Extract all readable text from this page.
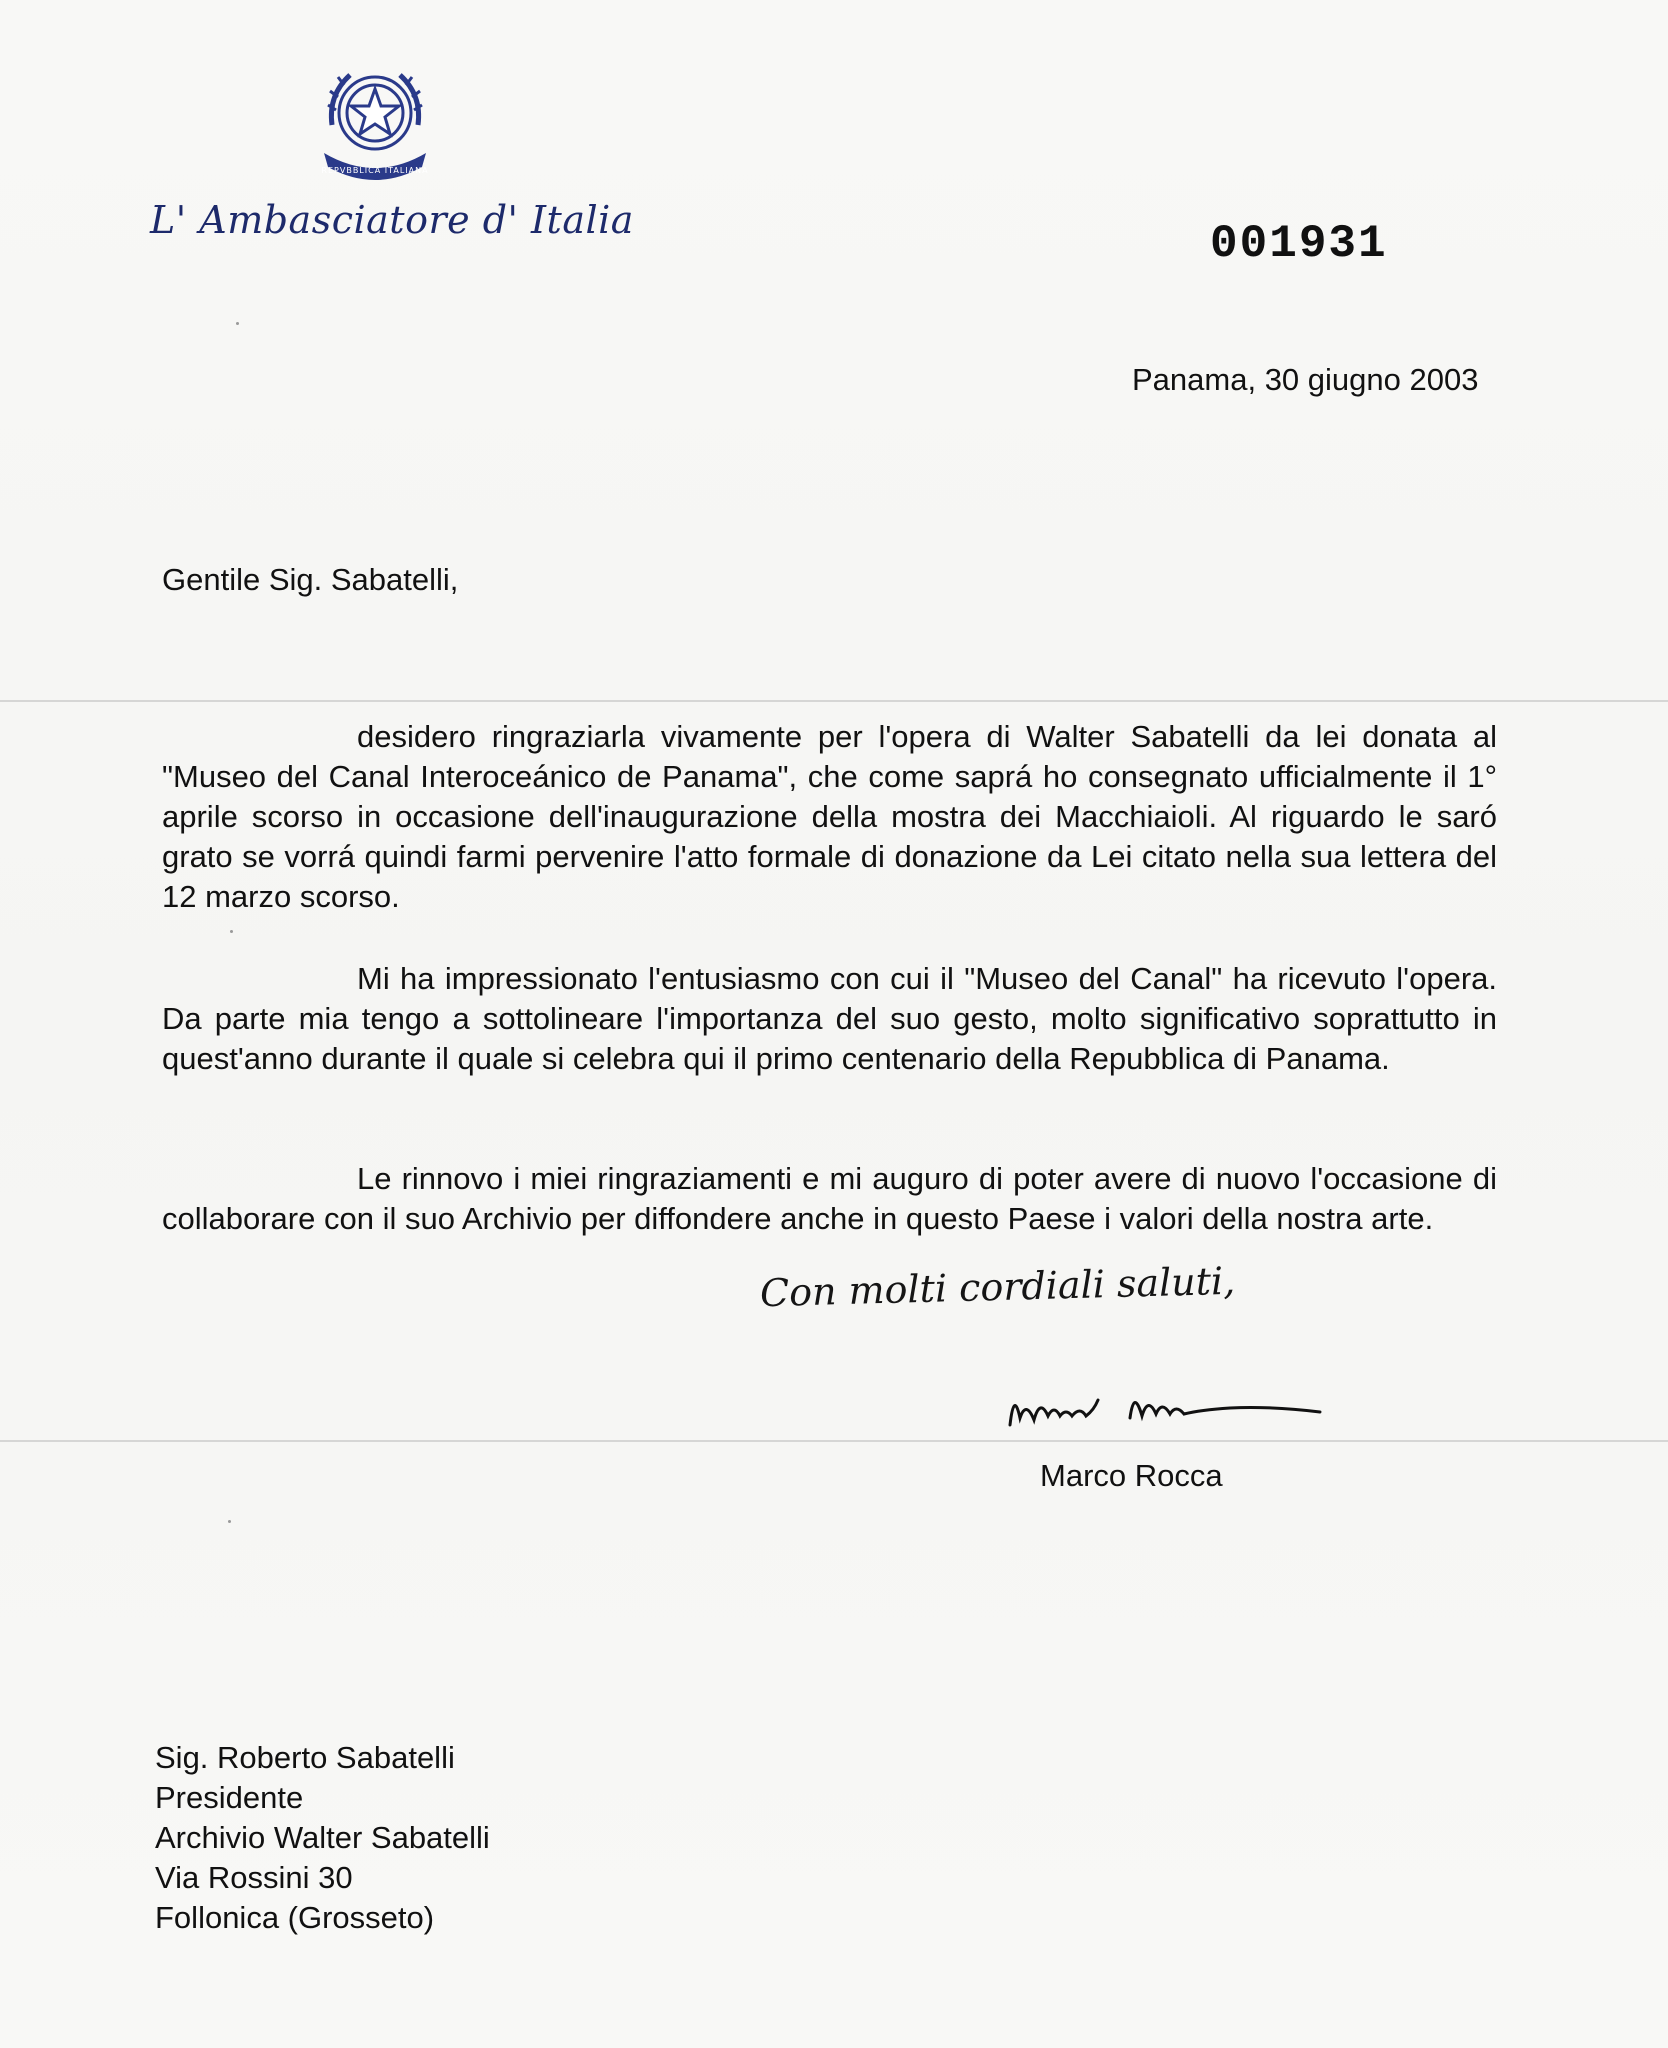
REPVBBLICA ITALIANA
L' Ambasciatore d' Italia	001931
Panama, 30 giugno 2003
Gentile Sig. Sabatelli,

desidero ringraziarla vivamente per l'opera di Walter Sabatelli da lei donata al "Museo del Canal Interoceánico de Panama", che come saprá ho consegnato ufficialmente il 1° aprile scorso in occasione dell'inaugurazione della mostra dei Macchiaioli. Al riguardo le saró grato se vorrá quindi farmi pervenire l'atto formale di donazione da Lei citato nella sua lettera del 12 marzo scorso.

Mi ha impressionato l'entusiasmo con cui il "Museo del Canal" ha ricevuto l'opera. Da parte mia tengo a sottolineare l'importanza del suo gesto, molto significativo soprattutto in quest'anno durante il quale si celebra qui il primo centenario della Repubblica di Panama.

Le rinnovo i miei ringraziamenti e mi auguro di poter avere di nuovo l'occasione di collaborare con il suo Archivio per diffondere anche in questo Paese i valori della nostra arte.

Con molti cordiali saluti,
Marco Rocca
Sig. Roberto Sabatelli
Presidente
Archivio Walter Sabatelli
Via Rossini 30
Follonica (Grosseto)
